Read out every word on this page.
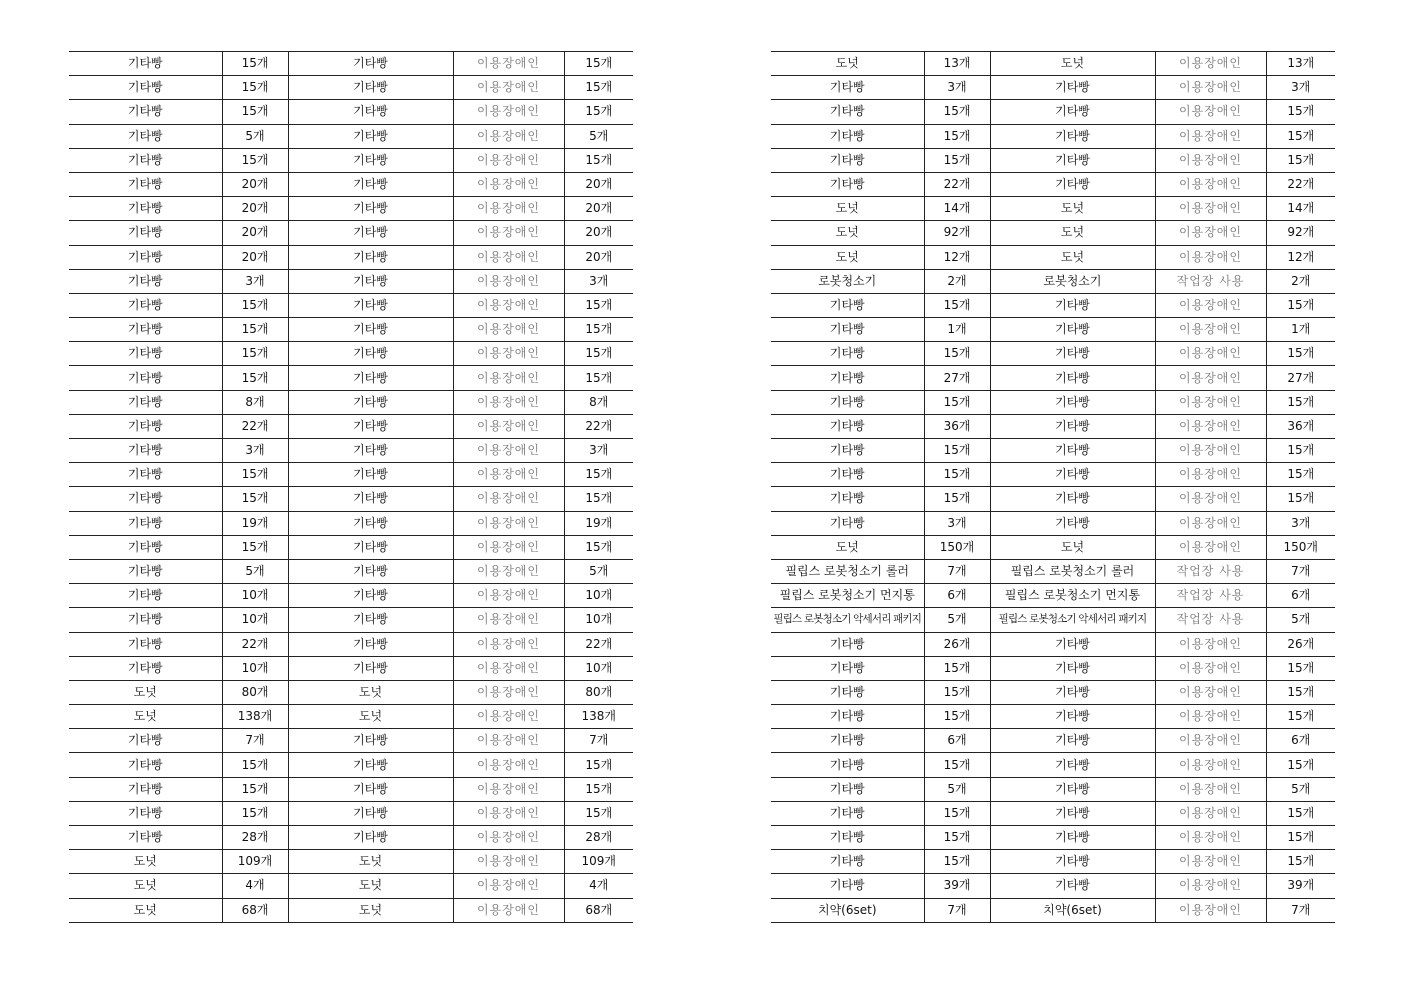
기타빵	15개	기타빵	이용장애인	15개
기타빵	15개	기타빵	이용장애인	15개
기타빵	15개	기타빵	이용장애인	15개
기타빵	5개	기타빵	이용장애인	5개
기타빵	15개	기타빵	이용장애인	15개
기타빵	20개	기타빵	이용장애인	20개
기타빵	20개	기타빵	이용장애인	20개
기타빵	20개	기타빵	이용장애인	20개
기타빵	20개	기타빵	이용장애인	20개
기타빵	3개	기타빵	이용장애인	3개
기타빵	15개	기타빵	이용장애인	15개
기타빵	15개	기타빵	이용장애인	15개
기타빵	15개	기타빵	이용장애인	15개
기타빵	15개	기타빵	이용장애인	15개
기타빵	8개	기타빵	이용장애인	8개
기타빵	22개	기타빵	이용장애인	22개
기타빵	3개	기타빵	이용장애인	3개
기타빵	15개	기타빵	이용장애인	15개
기타빵	15개	기타빵	이용장애인	15개
기타빵	19개	기타빵	이용장애인	19개
기타빵	15개	기타빵	이용장애인	15개
기타빵	5개	기타빵	이용장애인	5개
기타빵	10개	기타빵	이용장애인	10개
기타빵	10개	기타빵	이용장애인	10개
기타빵	22개	기타빵	이용장애인	22개
기타빵	10개	기타빵	이용장애인	10개
도넛	80개	도넛	이용장애인	80개
도넛	138개	도넛	이용장애인	138개
기타빵	7개	기타빵	이용장애인	7개
기타빵	15개	기타빵	이용장애인	15개
기타빵	15개	기타빵	이용장애인	15개
기타빵	15개	기타빵	이용장애인	15개
기타빵	28개	기타빵	이용장애인	28개
도넛	109개	도넛	이용장애인	109개
도넛	4개	도넛	이용장애인	4개
도넛	68개	도넛	이용장애인	68개
도넛	13개	도넛	이용장애인	13개
기타빵	3개	기타빵	이용장애인	3개
기타빵	15개	기타빵	이용장애인	15개
기타빵	15개	기타빵	이용장애인	15개
기타빵	15개	기타빵	이용장애인	15개
기타빵	22개	기타빵	이용장애인	22개
도넛	14개	도넛	이용장애인	14개
도넛	92개	도넛	이용장애인	92개
도넛	12개	도넛	이용장애인	12개
로봇청소기	2개	로봇청소기	작업장 사용	2개
기타빵	15개	기타빵	이용장애인	15개
기타빵	1개	기타빵	이용장애인	1개
기타빵	15개	기타빵	이용장애인	15개
기타빵	27개	기타빵	이용장애인	27개
기타빵	15개	기타빵	이용장애인	15개
기타빵	36개	기타빵	이용장애인	36개
기타빵	15개	기타빵	이용장애인	15개
기타빵	15개	기타빵	이용장애인	15개
기타빵	15개	기타빵	이용장애인	15개
기타빵	3개	기타빵	이용장애인	3개
도넛	150개	도넛	이용장애인	150개
필립스 로봇청소기 롤러	7개	필립스 로봇청소기 롤러	작업장 사용	7개
필립스 로봇청소기 먼지통	6개	필립스 로봇청소기 먼지통	작업장 사용	6개
필립스 로봇청소기 악세서리 패키지	5개	필립스 로봇청소기 악세서리 패키지	작업장 사용	5개
기타빵	26개	기타빵	이용장애인	26개
기타빵	15개	기타빵	이용장애인	15개
기타빵	15개	기타빵	이용장애인	15개
기타빵	15개	기타빵	이용장애인	15개
기타빵	6개	기타빵	이용장애인	6개
기타빵	15개	기타빵	이용장애인	15개
기타빵	5개	기타빵	이용장애인	5개
기타빵	15개	기타빵	이용장애인	15개
기타빵	15개	기타빵	이용장애인	15개
기타빵	15개	기타빵	이용장애인	15개
기타빵	39개	기타빵	이용장애인	39개
치약(6set)	7개	치약(6set)	이용장애인	7개
